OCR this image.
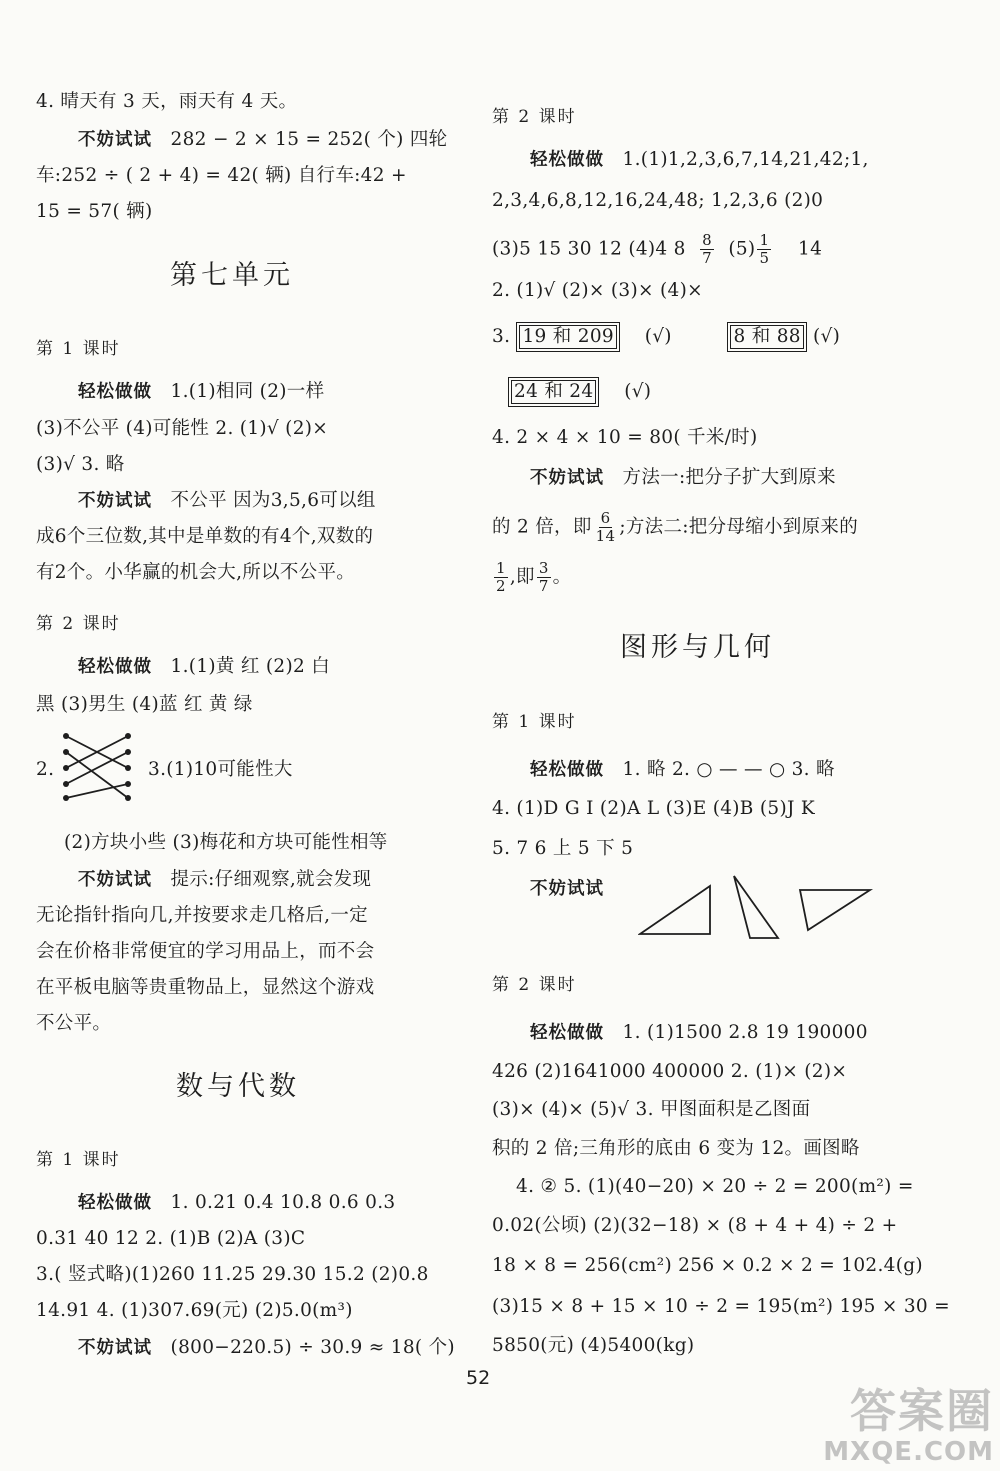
4. 晴天有 3 天，雨天有 4 天。
不妨试试 282 − 2 × 15 = 252( 个) 四轮
车:252 ÷ ( 2 + 4) = 42( 辆) 自行车:42 +
15 = 57( 辆)
第七单元
第 1 课时
轻松做做 1.(1)相同 (2)一样
(3)不公平 (4)可能性 2. (1)√ (2)×
(3)√ 3. 略
不妨试试 不公平 因为3,5,6可以组
成6个三位数,其中是单数的有4个,双数的
有2个。小华赢的机会大,所以不公平。
第 2 课时
轻松做做 1.(1)黄 红 (2)2 白
黑 (3)男生 (4)蓝 红 黄 绿
2.	3.(1)10可能性大
(2)方块小些 (3)梅花和方块可能性相等
不妨试试 提示:仔细观察,就会发现
无论指针指向几,并按要求走几格后,一定
会在价格非常便宜的学习用品上，而不会
在平板电脑等贵重物品上，显然这个游戏
不公平。
数与代数
第 1 课时
轻松做做 1. 0.21 0.4 10.8 0.6 0.3
0.31 40 12 2. (1)B (2)A (3)C
3.( 竖式略)(1)260 11.25 29.30 15.2 (2)0.8
14.91 4. (1)307.69(元) (2)5.0(m³)
不妨试试 (800−220.5) ÷ 30.9 ≈ 18( 个)
第 2 课时
轻松做做 1.(1)1,2,3,6,7,14,21,42;1,
2,3,4,6,8,12,16,24,48; 1,2,3,6 (2)0
(3)5 15 30 12 (4)4 $8 \frac{8}{7} (5) \frac{1}{5} 14$
2. (1)√ (2)× (3)× (4)×
3. 19 和 209 (√)	8 和 88 (√)
24 和 24 (√)
4. 2 × 4 × 10 = 80( 千米/时)
不妨试试 方法一:把分子扩大到原来
的 2 倍，即 $\frac{6}{14}$ ;方法二:把分母缩小到原来的
$\frac{1}{2}$ ,即 $\frac{3}{7}$ 。
图形与几何
第 1 课时
轻松做做 1. 略 2. ○ — — ○ 3. 略
4. (1)D G I (2)A L (3)E (4)B (5)J K
5. 7 6 上 5 下 5
不妨试试
第 2 课时
轻松做做 1. (1)1500 2.8 19 190000
426 (2)1641000 400000 2. (1)× (2)×
(3)× (4)× (5)√ 3. 甲图面积是乙图面
积的 2 倍;三角形的底由 6 变为 12。画图略
4. ② 5. (1)(40−20) × 20 ÷ 2 = 200(m²) =
0.02(公顷) (2)(32−18) × (8 + 4 + 4) ÷ 2 +
18 × 8 = 256(cm²) 256 × 0.2 × 2 = 102.4(g)
(3)15 × 8 + 15 × 10 ÷ 2 = 195(m²) 195 × 30 =
5850(元) (4)5400(kg)
52
答案圈
MXQE.COM
